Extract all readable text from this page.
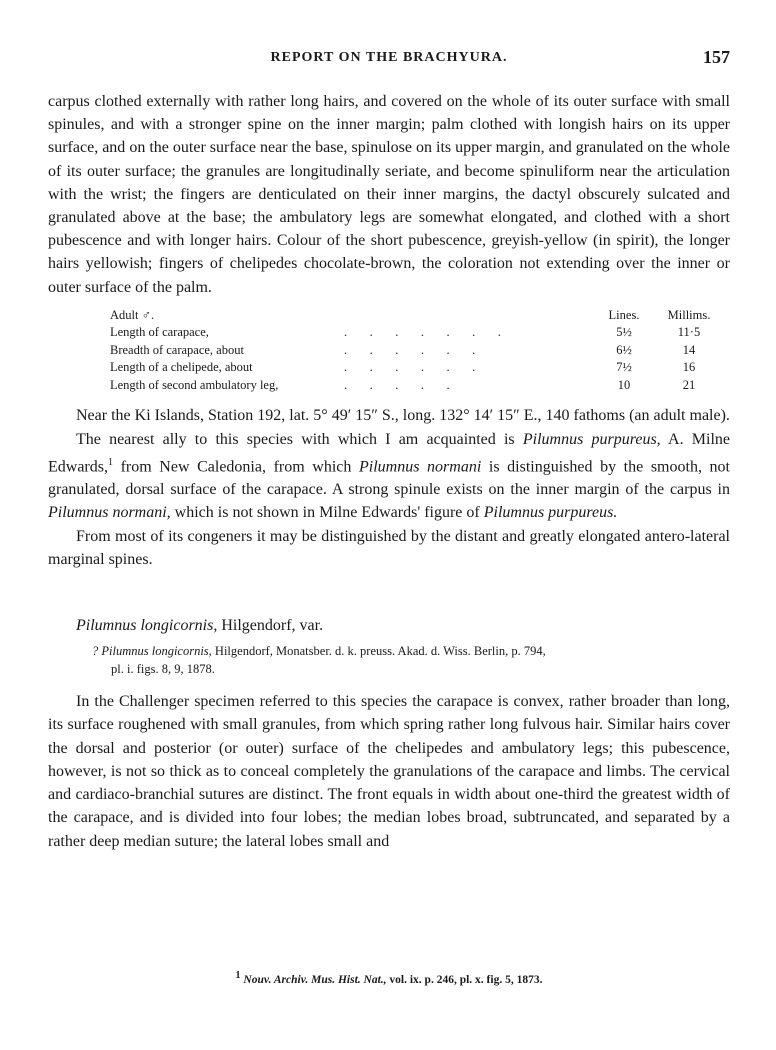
REPORT ON THE BRACHYURA.	157

carpus clothed externally with rather long hairs, and covered on the whole of its outer surface with small spinules, and with a stronger spine on the inner margin; palm clothed with longish hairs on its upper surface, and on the outer surface near the base, spinulose on its upper margin, and granulated on the whole of its outer surface; the granules are longitudinally seriate, and become spinuliform near the articulation with the wrist; the fingers are denticulated on their inner margins, the dactyl obscurely sulcated and granulated above at the base; the ambulatory legs are somewhat elongated, and clothed with a short pubescence and with longer hairs. Colour of the short pubescence, greyish-yellow (in spirit), the longer hairs yellowish; fingers of chelipedes chocolate-brown, the coloration not extending over the inner or outer surface of the palm.

Adult ♂.		Lines.	Millims.
Length of carapace,	.    .    .    .    .    .    .	5½	11·5
Breadth of carapace, about	.    .    .    .    .    .	6½	14
Length of a chelipede, about	.    .    .    .    .    .	7½	16
Length of second ambulatory leg,	.    .    .    .    .	10	21

Near the Ki Islands, Station 192, lat. 5° 49′ 15″ S., long. 132° 14′ 15″ E., 140 fathoms (an adult male).

The nearest ally to this species with which I am acquainted is Pilumnus purpureus, A. Milne Edwards,$^1$ from New Caledonia, from which Pilumnus normani is distinguished by the smooth, not granulated, dorsal surface of the carapace. A strong spinule exists on the inner margin of the carpus in Pilumnus normani, which is not shown in Milne Edwards' figure of Pilumnus purpureus.

From most of its congeners it may be distinguished by the distant and greatly elongated antero-lateral marginal spines.

Pilumnus longicornis, Hilgendorf, var.

? Pilumnus longicornis, Hilgendorf, Monatsber. d. k. preuss. Akad. d. Wiss. Berlin, p. 794,
pl. i. figs. 8, 9, 1878.

In the Challenger specimen referred to this species the carapace is convex, rather broader than long, its surface roughened with small granules, from which spring rather long fulvous hair. Similar hairs cover the dorsal and posterior (or outer) surface of the chelipedes and ambulatory legs; this pubescence, however, is not so thick as to conceal completely the granulations of the carapace and limbs. The cervical and cardiaco-branchial sutures are distinct. The front equals in width about one-third the greatest width of the carapace, and is divided into four lobes; the median lobes broad, subtruncated, and separated by a rather deep median suture; the lateral lobes small and

$^1$ Nouv. Archiv. Mus. Hist. Nat., vol. ix. p. 246, pl. x. fig. 5, 1873.
